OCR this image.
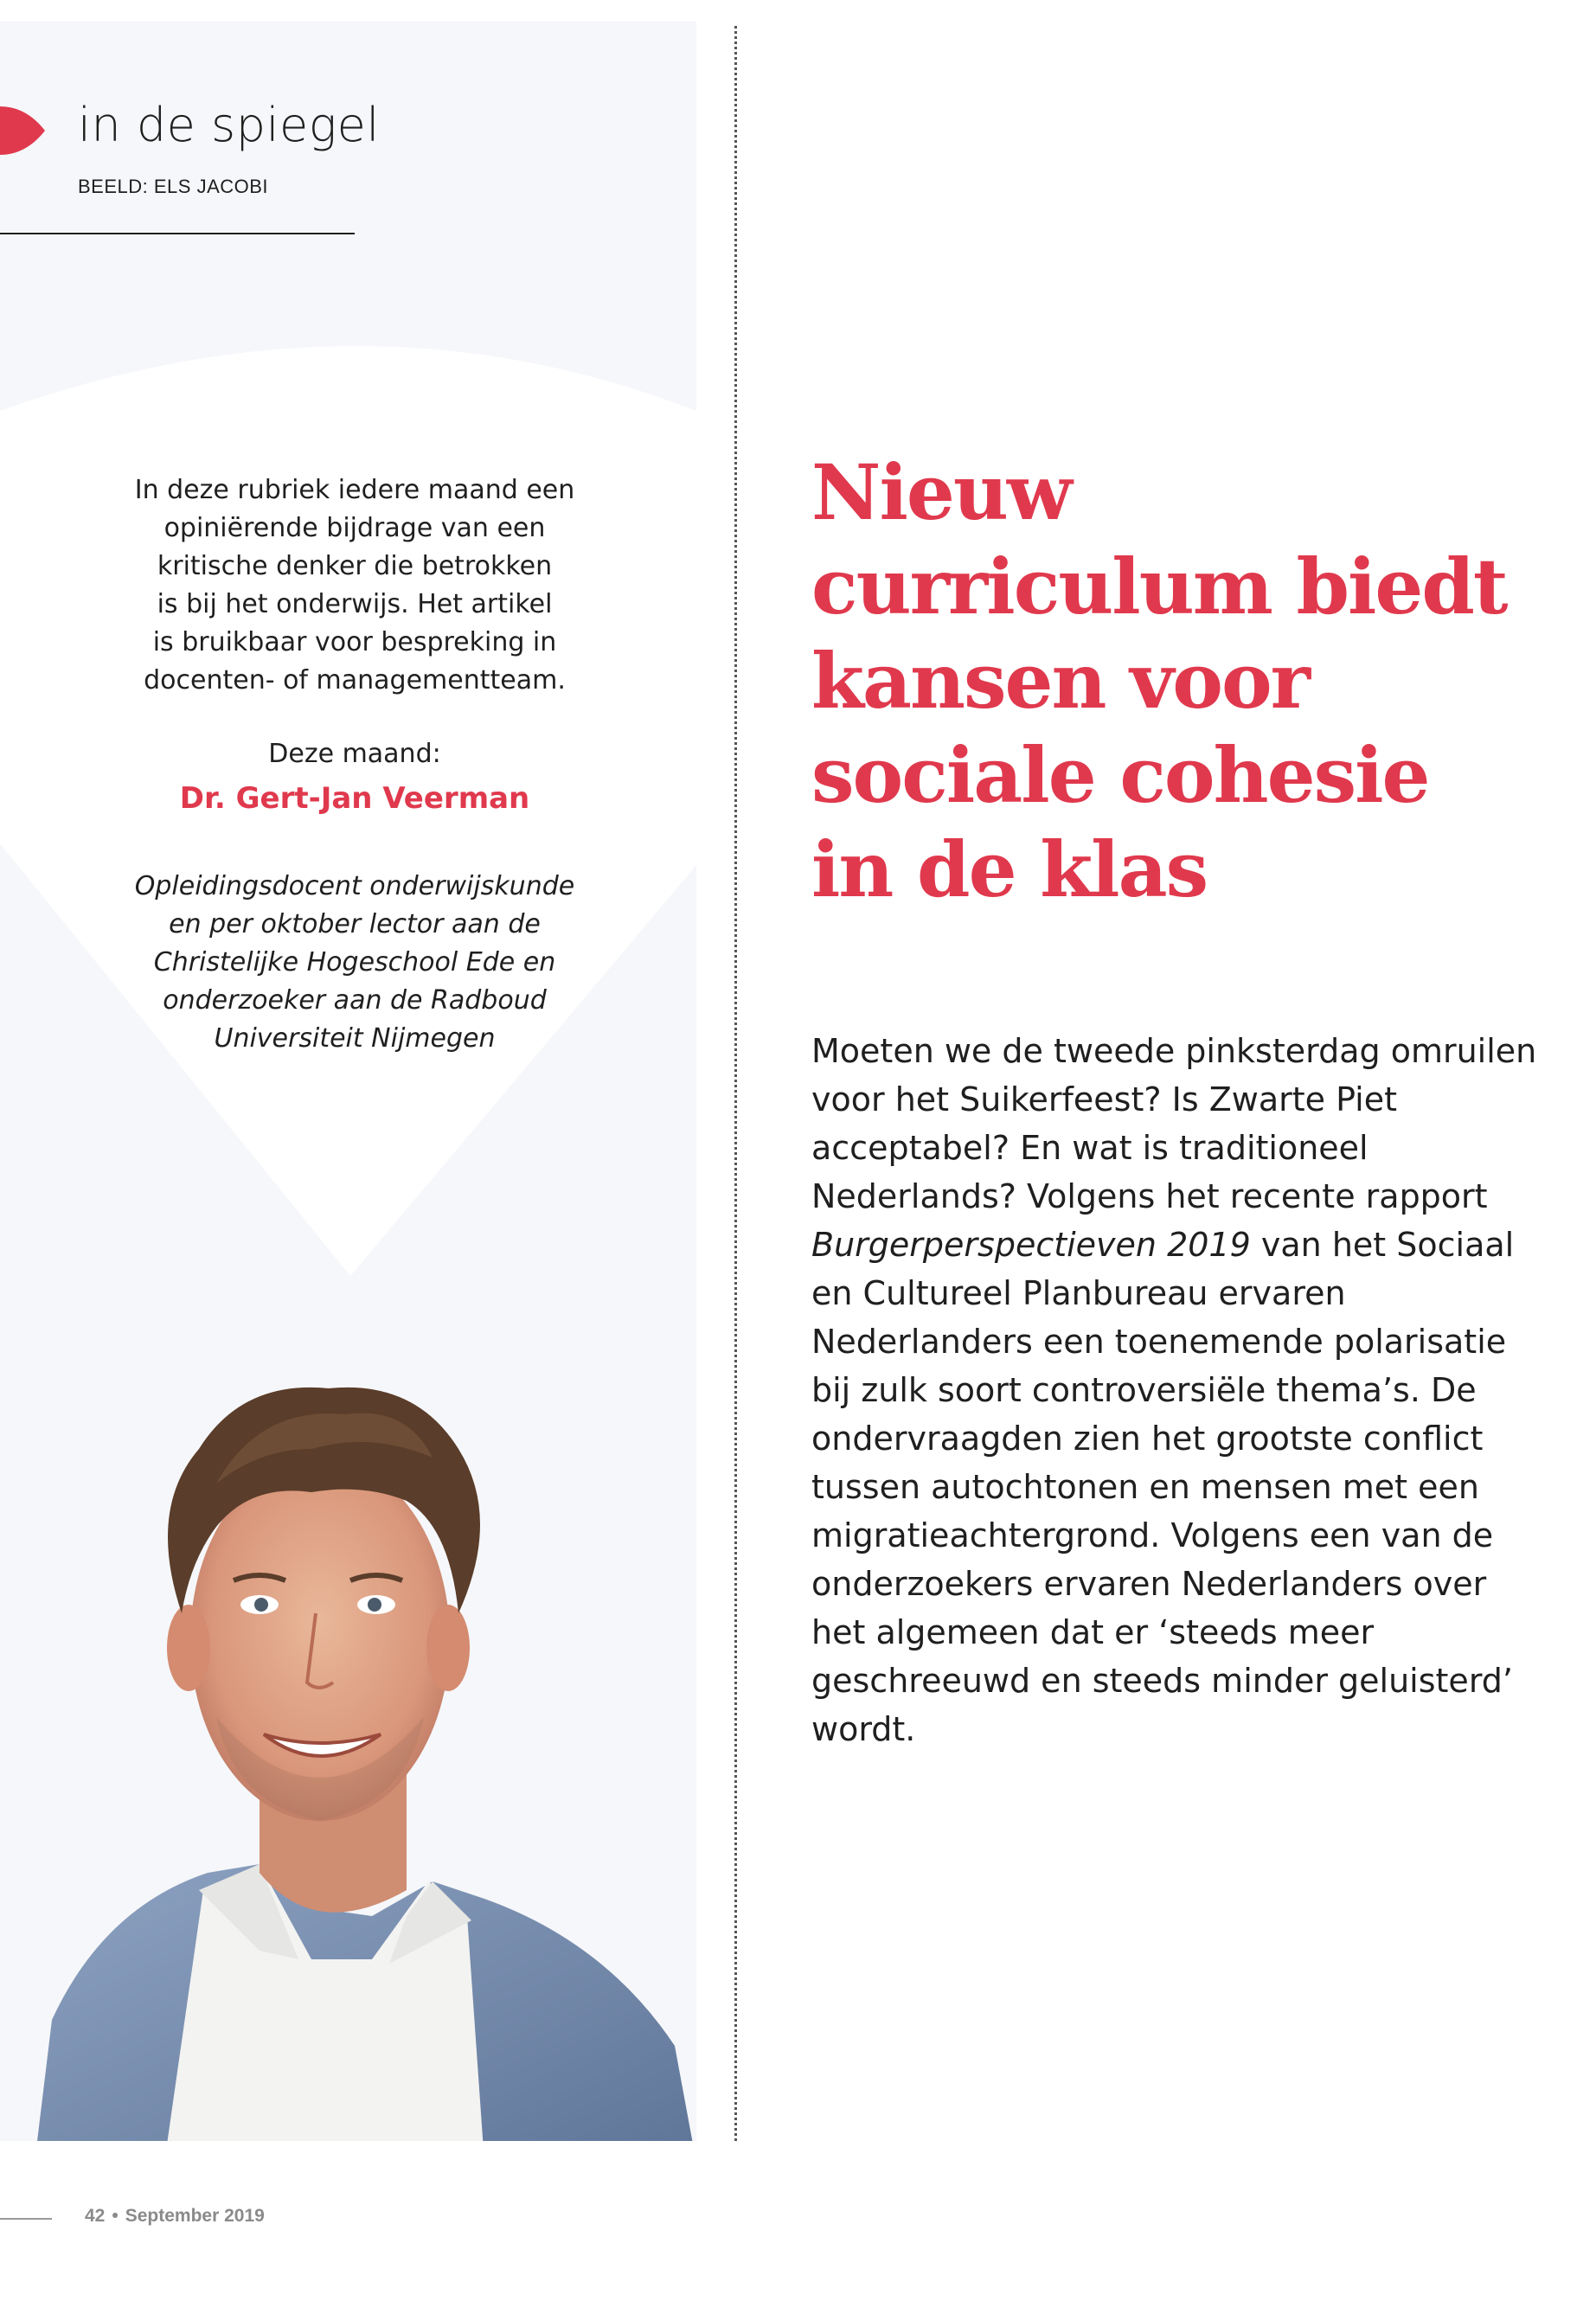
in de spiegel
BEELD: ELS JACOBI
In deze rubriek iedere maand een
opiniërende bijdrage van een
kritische denker die betrokken
is bij het onderwijs. Het artikel
is bruikbaar voor bespreking in
docenten- of managementteam.
Deze maand:
Dr. Gert-Jan Veerman
Opleidingsdocent onderwijskunde
en per oktober lector aan de
Christelijke Hogeschool Ede en
onderzoeker aan de Radboud
Universiteit Nijmegen
Nieuw
curriculum biedt
kansen voor
sociale cohesie
in de klas

Moeten we de tweede pinksterdag omruilen voor het Suikerfeest? Is Zwarte Piet acceptabel? En wat is traditioneel Nederlands? Volgens het recente rapport Burgerperspectieven 2019 van het Sociaal en Cultureel Planbureau ervaren Nederlanders een toenemende polarisatie bij zulk soort controversiële thema’s. De ondervraagden zien het grootste conflict tussen autochtonen en mensen met een migratieachtergrond. Volgens een van de onderzoekers ervaren Nederlanders over het algemeen dat er ‘steeds meer geschreeuwd en steeds minder geluisterd’ wordt.

42 • September 2019
